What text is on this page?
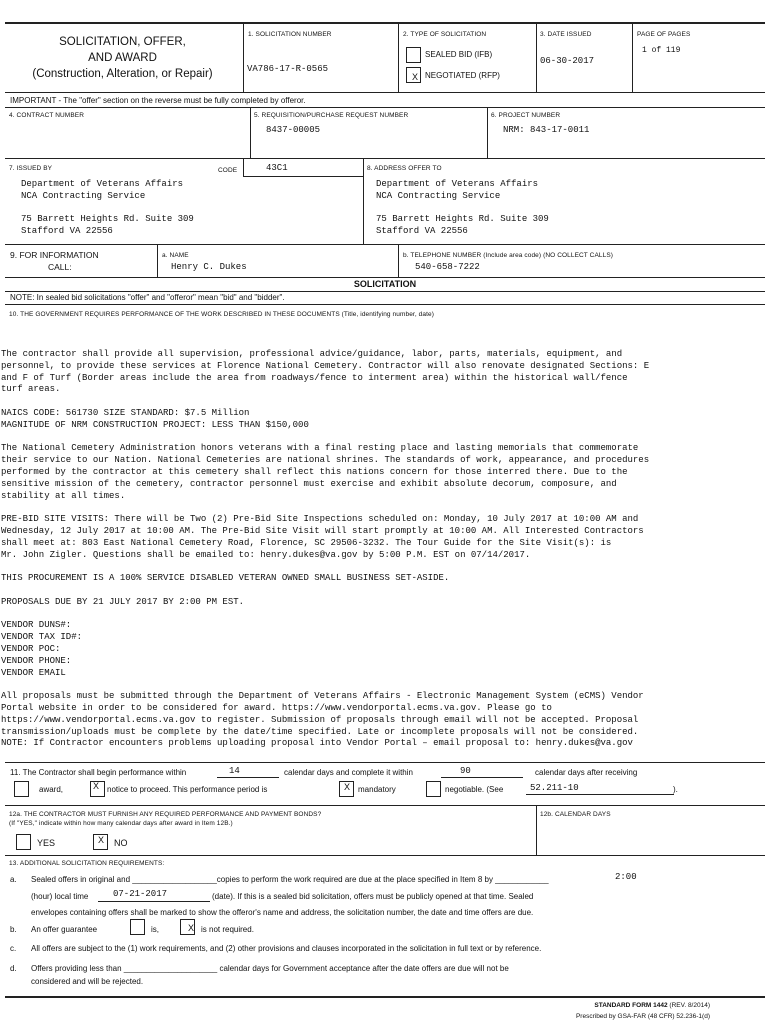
SOLICITATION, OFFER,
AND AWARD
(Construction, Alteration, or Repair)
1. SOLICITATION NUMBER
VA786-17-R-0565
2. TYPE OF SOLICITATION
SEALED BID (IFB)
X NEGOTIATED (RFP)
3. DATE ISSUED
06-30-2017
PAGE OF PAGES
1 of 119
IMPORTANT - The "offer" section on the reverse must be fully completed by offeror.
4. CONTRACT NUMBER	5. REQUISITION/PURCHASE REQUEST NUMBER
8437-00005
6. PROJECT NUMBER
NRM: 843-17-0011
7. ISSUED BY	CODE	43C1
Department of Veterans Affairs
NCA Contracting Service

75 Barrett Heights Rd. Suite 309
Stafford VA 22556
8. ADDRESS OFFER TO
Department of Veterans Affairs
NCA Contracting Service

75 Barrett Heights Rd. Suite 309
Stafford VA 22556
9. FOR INFORMATION
CALL:
a. NAME
Henry C. Dukes
b. TELEPHONE NUMBER (Include area code) (NO COLLECT CALLS)
540-658-7222
SOLICITATION
NOTE: In sealed bid solicitations "offer" and "offeror" mean "bid" and "bidder".
10. THE GOVERNMENT REQUIRES PERFORMANCE OF THE WORK DESCRIBED IN THESE DOCUMENTS (Title, identifying number, date)
The contractor shall provide all supervision, professional advice/guidance, labor, parts, materials, equipment, and
personnel, to provide these services at Florence National Cemetery. Contractor will also renovate designated Sections: E
and F of Turf (Border areas include the area from roadways/fence to interment area) within the historical wall/fence
turf areas.

NAICS CODE: 561730 SIZE STANDARD: $7.5 Million
MAGNITUDE OF NRM CONSTRUCTION PROJECT: LESS THAN $150,000

The National Cemetery Administration honors veterans with a final resting place and lasting memorials that commemorate
their service to our Nation. National Cemeteries are national shrines. The standards of work, appearance, and procedures
performed by the contractor at this cemetery shall reflect this nations concern for those interred there. Due to the
sensitive mission of the cemetery, contractor personnel must exercise and exhibit absolute decorum, composure, and
stability at all times.

PRE-BID SITE VISITS: There will be Two (2) Pre-Bid Site Inspections scheduled on: Monday, 10 July 2017 at 10:00 AM and
Wednesday, 12 July 2017 at 10:00 AM. The Pre-Bid Site Visit will start promptly at 10:00 AM. All Interested Contractors
shall meet at: 803 East National Cemetery Road, Florence, SC 29506-3232. The Tour Guide for the Site Visit(s): is
Mr. John Zigler. Questions shall be emailed to: henry.dukes@va.gov by 5:00 P.M. EST on 07/14/2017.

THIS PROCUREMENT IS A 100% SERVICE DISABLED VETERAN OWNED SMALL BUSINESS SET-ASIDE.

PROPOSALS DUE BY 21 JULY 2017 BY 2:00 PM EST.

VENDOR DUNS#:
VENDOR TAX ID#:
VENDOR POC:
VENDOR PHONE:
VENDOR EMAIL

All proposals must be submitted through the Department of Veterans Affairs - Electronic Management System (eCMS) Vendor
Portal website in order to be considered for award. https://www.vendorportal.ecms.va.gov. Please go to
https://www.vendorportal.ecms.va.gov to register. Submission of proposals through email will not be accepted. Proposal
transmission/uploads must be complete by the date/time specified. Late or incomplete proposals will not be considered.
NOTE: If Contractor encounters problems uploading proposal into Vendor Portal – email proposal to: henry.dukes@va.gov
11. The Contractor shall begin performance within	14	calendar days and complete it within	90	calendar days after receiving
award,	X notice to proceed. This performance period is	X mandatory	negotiable. (See	52.211-10	).
12a. THE CONTRACTOR MUST FURNISH ANY REQUIRED PERFORMANCE AND PAYMENT BONDS?
(If "YES," indicate within how many calendar days after award in Item 12B.)
12b. CALENDAR DAYS
YES	X NO
13. ADDITIONAL SOLICITATION REQUIREMENTS:
a. Sealed offers in original and ___________________copies to perform the work required are due at the place specified in Item 8 by ____________	2:00
(hour) local time	07-21-2017	(date). If this is a sealed bid solicitation, offers must be publicly opened at that time. Sealed
envelopes containing offers shall be marked to show the offeror's name and address, the solicitation number, the date and time offers are due.
b. An offer guarantee	is,	X is not required.
c. All offers are subject to the (1) work requirements, and (2) other provisions and clauses incorporated in the solicitation in full text or by reference.
d. Offers providing less than _____________________ calendar days for Government acceptance after the date offers are due will not be
considered and will be rejected.
STANDARD FORM 1442 (REV. 8/2014)
Prescribed by GSA-FAR (48 CFR) 52.236-1(d)
